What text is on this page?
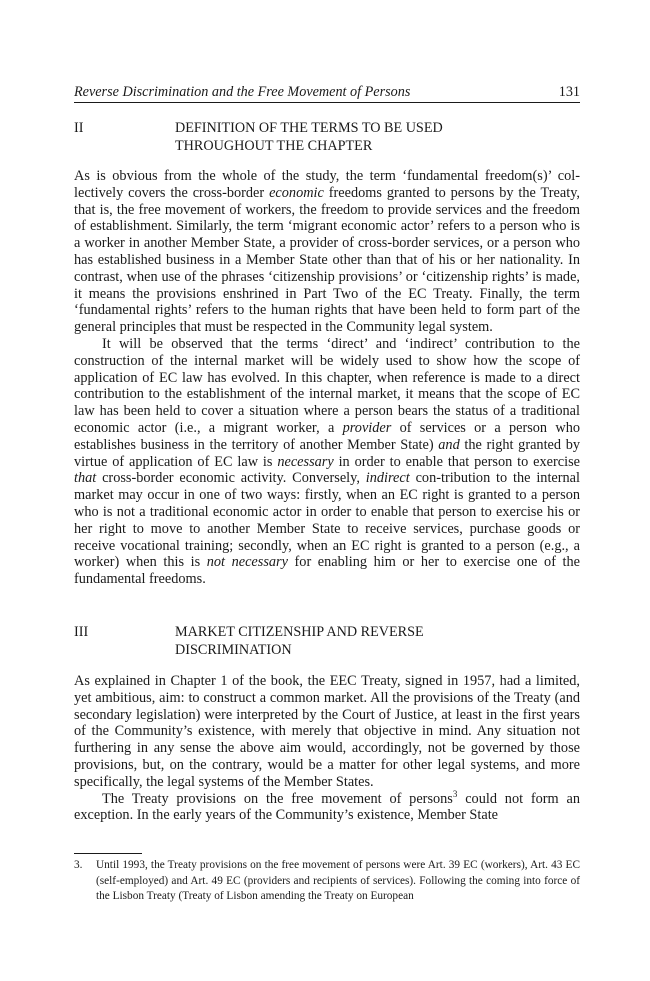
Reverse Discrimination and the Free Movement of Persons	131
II	DEFINITION OF THE TERMS TO BE USED
THROUGHOUT THE CHAPTER

As is obvious from the whole of the study, the term ‘fundamental freedom(s)’ col-lectively covers the cross-border economic freedoms granted to persons by the Treaty, that is, the free movement of workers, the freedom to provide services and the freedom of establishment. Similarly, the term ‘migrant economic actor’ refers to a person who is a worker in another Member State, a provider of cross-border services, or a person who has established business in a Member State other than that of his or her nationality. In contrast, when use of the phrases ‘citizenship provisions’ or ‘citizenship rights’ is made, it means the provisions enshrined in Part Two of the EC Treaty. Finally, the term ‘fundamental rights’ refers to the human rights that have been held to form part of the general principles that must be respected in the Community legal system.

It will be observed that the terms ‘direct’ and ‘indirect’ contribution to the construction of the internal market will be widely used to show how the scope of application of EC law has evolved. In this chapter, when reference is made to a direct contribution to the establishment of the internal market, it means that the scope of EC law has been held to cover a situation where a person bears the status of a traditional economic actor (i.e., a migrant worker, a provider of services or a person who establishes business in the territory of another Member State) and the right granted by virtue of application of EC law is necessary in order to enable that person to exercise that cross-border economic activity. Conversely, indirect con-tribution to the internal market may occur in one of two ways: firstly, when an EC right is granted to a person who is not a traditional economic actor in order to enable that person to exercise his or her right to move to another Member State to receive services, purchase goods or receive vocational training; secondly, when an EC right is granted to a person (e.g., a worker) when this is not necessary for enabling him or her to exercise one of the fundamental freedoms.

III	MARKET CITIZENSHIP AND REVERSE
DISCRIMINATION

As explained in Chapter 1 of the book, the EEC Treaty, signed in 1957, had a limited, yet ambitious, aim: to construct a common market. All the provisions of the Treaty (and secondary legislation) were interpreted by the Court of Justice, at least in the first years of the Community’s existence, with merely that objective in mind. Any situation not furthering in any sense the above aim would, accordingly, not be governed by those provisions, but, on the contrary, would be a matter for other legal systems, and more specifically, the legal systems of the Member States.

The Treaty provisions on the free movement of persons$^3$ could not form an exception. In the early years of the Community’s existence, Member State

3. Until 1993, the Treaty provisions on the free movement of persons were Art. 39 EC (workers), Art. 43 EC (self-employed) and Art. 49 EC (providers and recipients of services). Following the coming into force of the Lisbon Treaty (Treaty of Lisbon amending the Treaty on European
